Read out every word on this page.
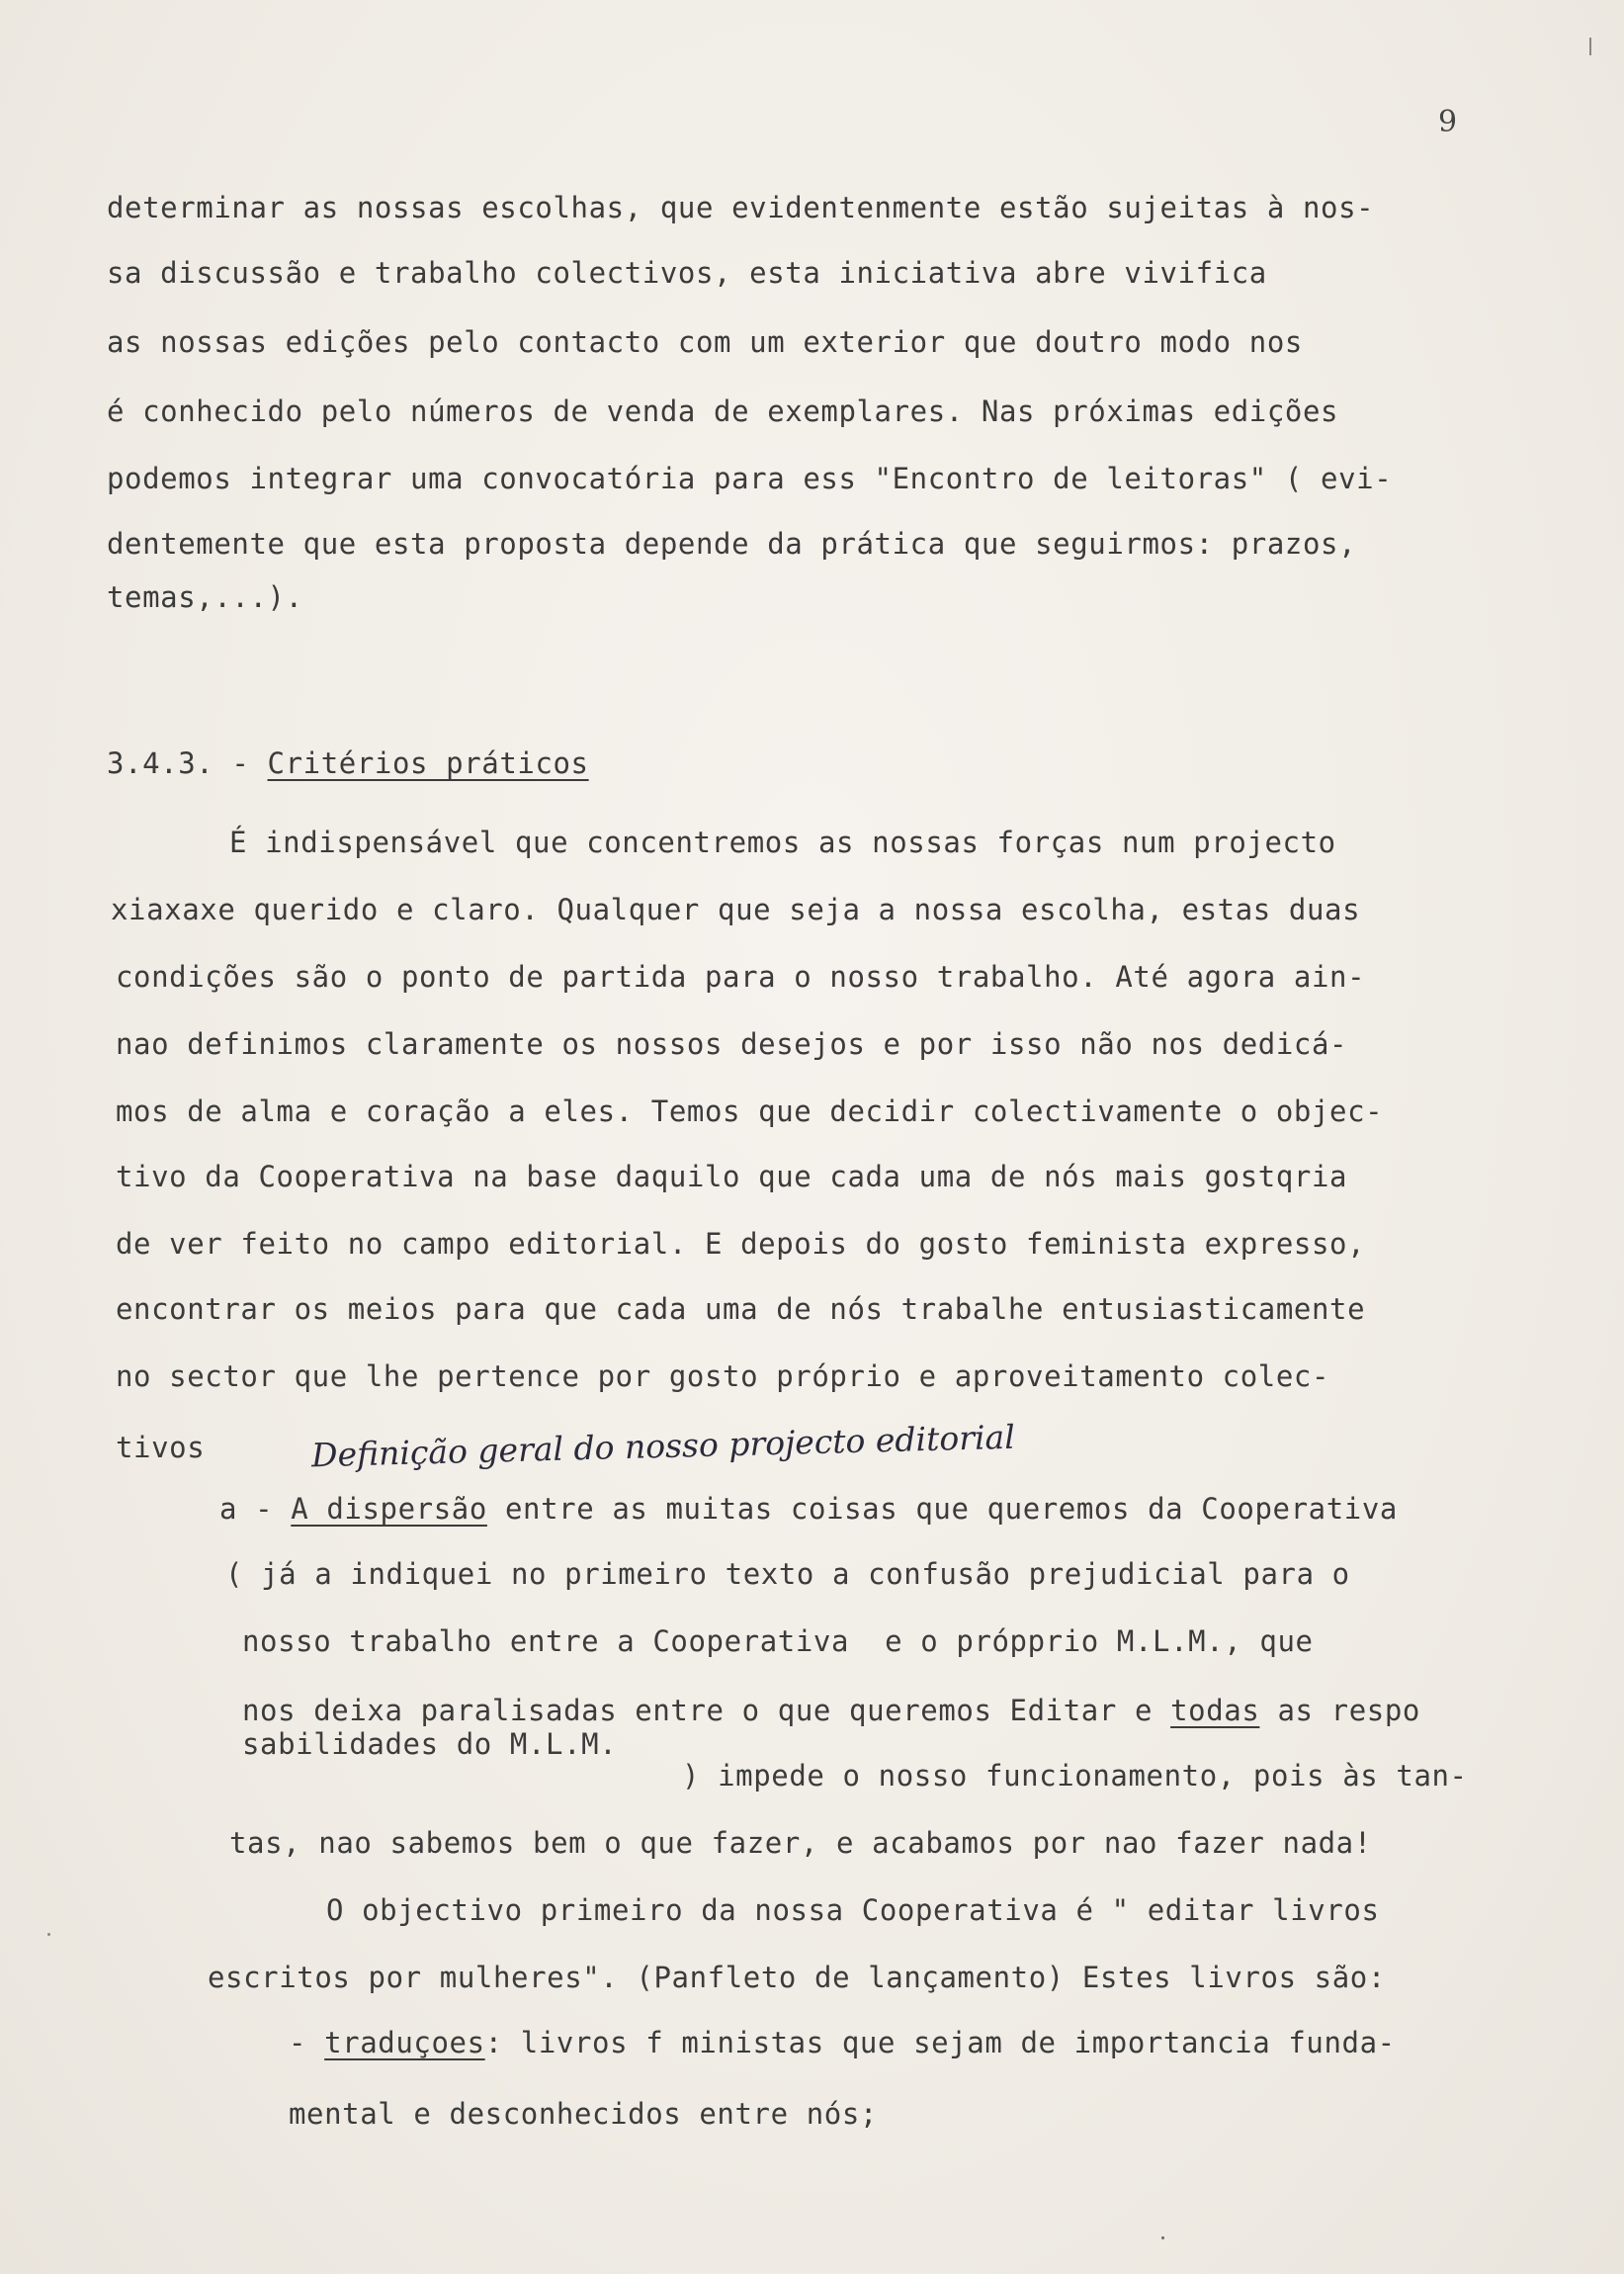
9
determinar as nossas escolhas, que evidentenmente estão sujeitas à nos-
sa discussão e trabalho colectivos, esta iniciativa abre vivifica
as nossas edições pelo contacto com um exterior que doutro modo nos
é conhecido pelo números de venda de exemplares. Nas próximas edições
podemos integrar uma convocatória para ess "Encontro de leitoras" ( evi-
dentemente que esta proposta depende da prática que seguirmos: prazos,
temas,...).
3.4.3. - Critérios práticos
É indispensável que concentremos as nossas forças num projecto
xiaxaxe querido e claro. Qualquer que seja a nossa escolha, estas duas
condições são o ponto de partida para o nosso trabalho. Até agora ain-
nao definimos claramente os nossos desejos e por isso não nos dedicá-
mos de alma e coração a eles. Temos que decidir colectivamente o objec-
tivo da Cooperativa na base daquilo que cada uma de nós mais gostqria
de ver feito no campo editorial. E depois do gosto feminista expresso,
encontrar os meios para que cada uma de nós trabalhe entusiasticamente
no sector que lhe pertence por gosto próprio e aproveitamento colec-
tivos	Definição geral do nosso projecto editorial
a - A dispersão entre as muitas coisas que queremos da Cooperativa
( já a indiquei no primeiro texto a confusão prejudicial para o
nosso trabalho entre a Cooperativa  e o própprio M.L.M., que
nos deixa paralisadas entre o que queremos Editar e todas as respo
sabilidades do M.L.M.
) impede o nosso funcionamento, pois às tan-
tas, nao sabemos bem o que fazer, e acabamos por nao fazer nada!
O objectivo primeiro da nossa Cooperativa é " editar livros
escritos por mulheres". (Panfleto de lançamento) Estes livros são:
- traduçoes: livros f ministas que sejam de importancia funda-
mental e desconhecidos entre nós;
